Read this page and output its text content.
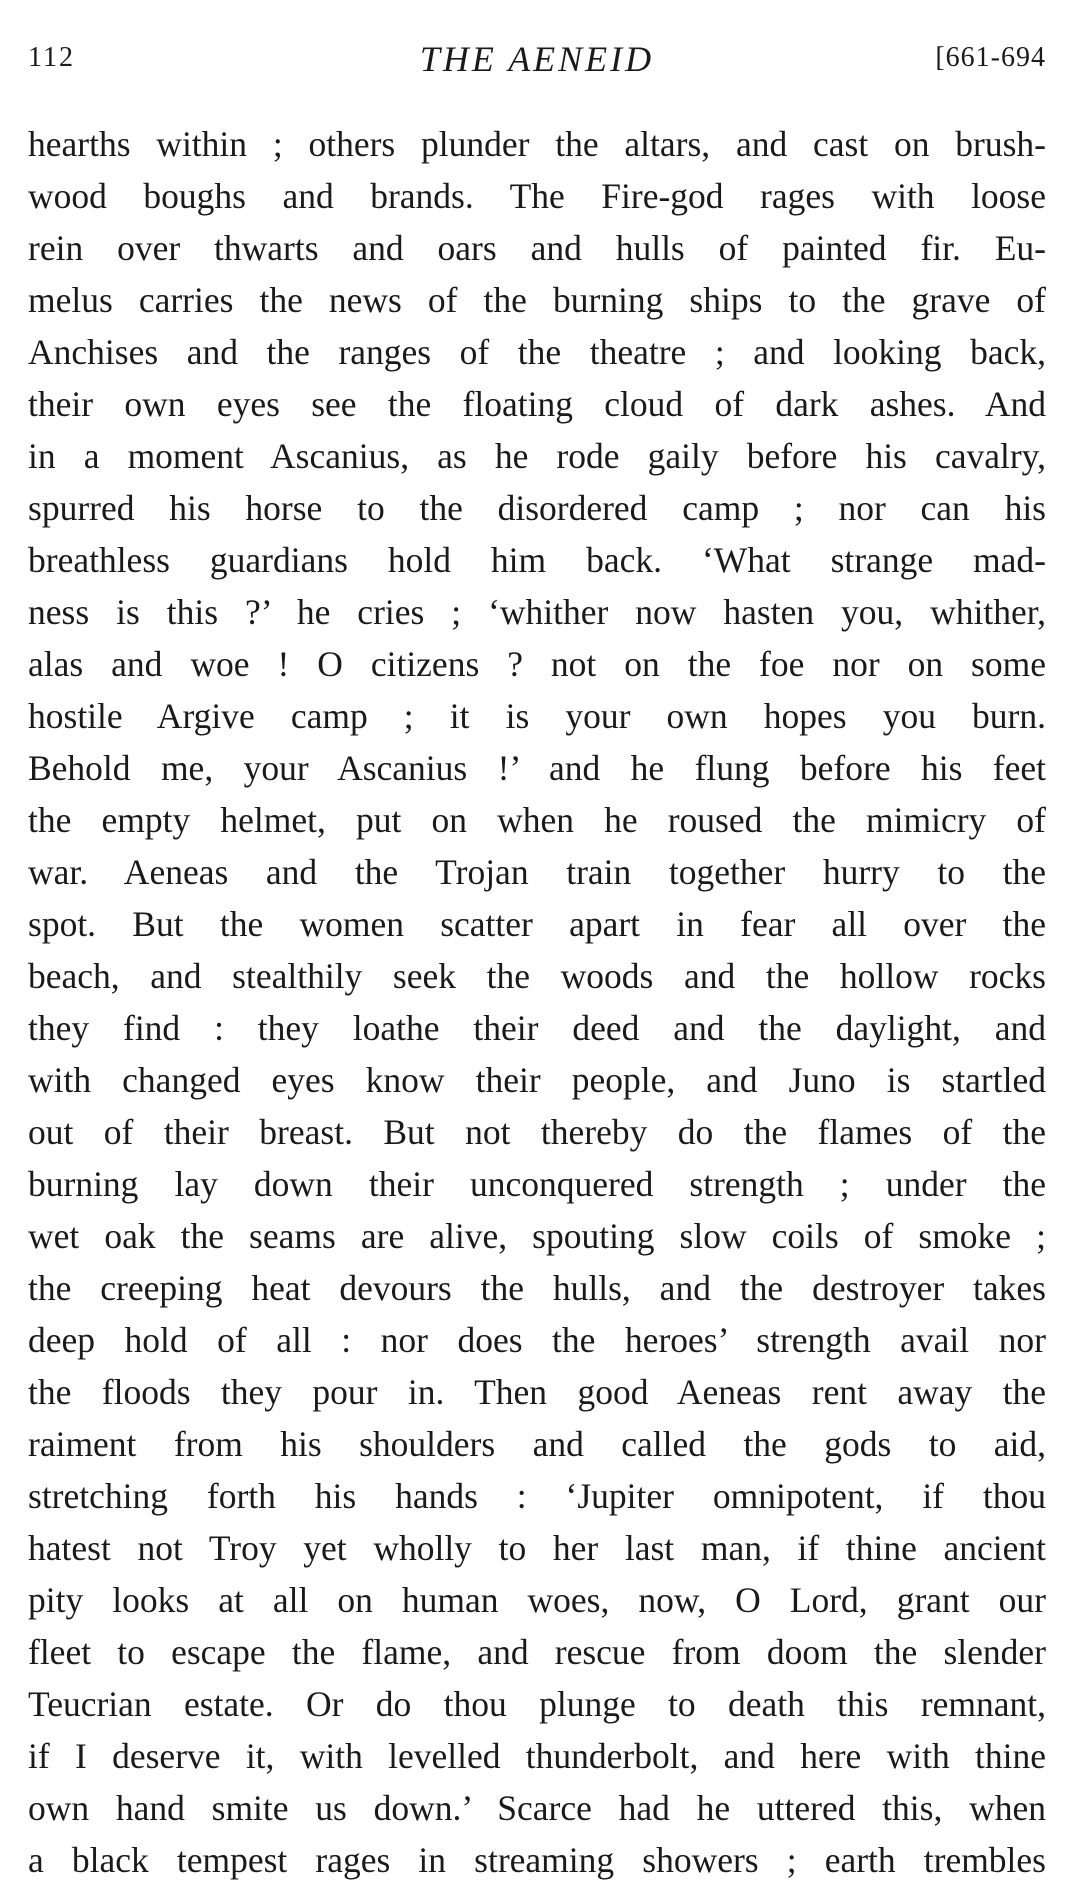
112	THE AENEID	[661-694
hearths within ; others plunder the altars, and cast on brush-
wood boughs and brands. The Fire-god rages with loose
rein over thwarts and oars and hulls of painted fir. Eu-
melus carries the news of the burning ships to the grave of
Anchises and the ranges of the theatre ; and looking back,
their own eyes see the floating cloud of dark ashes. And
in a moment Ascanius, as he rode gaily before his cavalry,
spurred his horse to the disordered camp ; nor can his
breathless guardians hold him back. ‘What strange mad-
ness is this ?’ he cries ; ‘whither now hasten you, whither,
alas and woe ! O citizens ? not on the foe nor on some
hostile Argive camp ; it is your own hopes you burn.
Behold me, your Ascanius !’ and he flung before his feet
the empty helmet, put on when he roused the mimicry of
war. Aeneas and the Trojan train together hurry to the
spot. But the women scatter apart in fear all over the
beach, and stealthily seek the woods and the hollow rocks
they find : they loathe their deed and the daylight, and
with changed eyes know their people, and Juno is startled
out of their breast. But not thereby do the flames of the
burning lay down their unconquered strength ; under the
wet oak the seams are alive, spouting slow coils of smoke ;
the creeping heat devours the hulls, and the destroyer takes
deep hold of all : nor does the heroes’ strength avail nor
the floods they pour in. Then good Aeneas rent away the
raiment from his shoulders and called the gods to aid,
stretching forth his hands : ‘Jupiter omnipotent, if thou
hatest not Troy yet wholly to her last man, if thine ancient
pity looks at all on human woes, now, O Lord, grant our
fleet to escape the flame, and rescue from doom the slender
Teucrian estate. Or do thou plunge to death this remnant,
if I deserve it, with levelled thunderbolt, and here with thine
own hand smite us down.’ Scarce had he uttered this, when
a black tempest rages in streaming showers ; earth trembles
